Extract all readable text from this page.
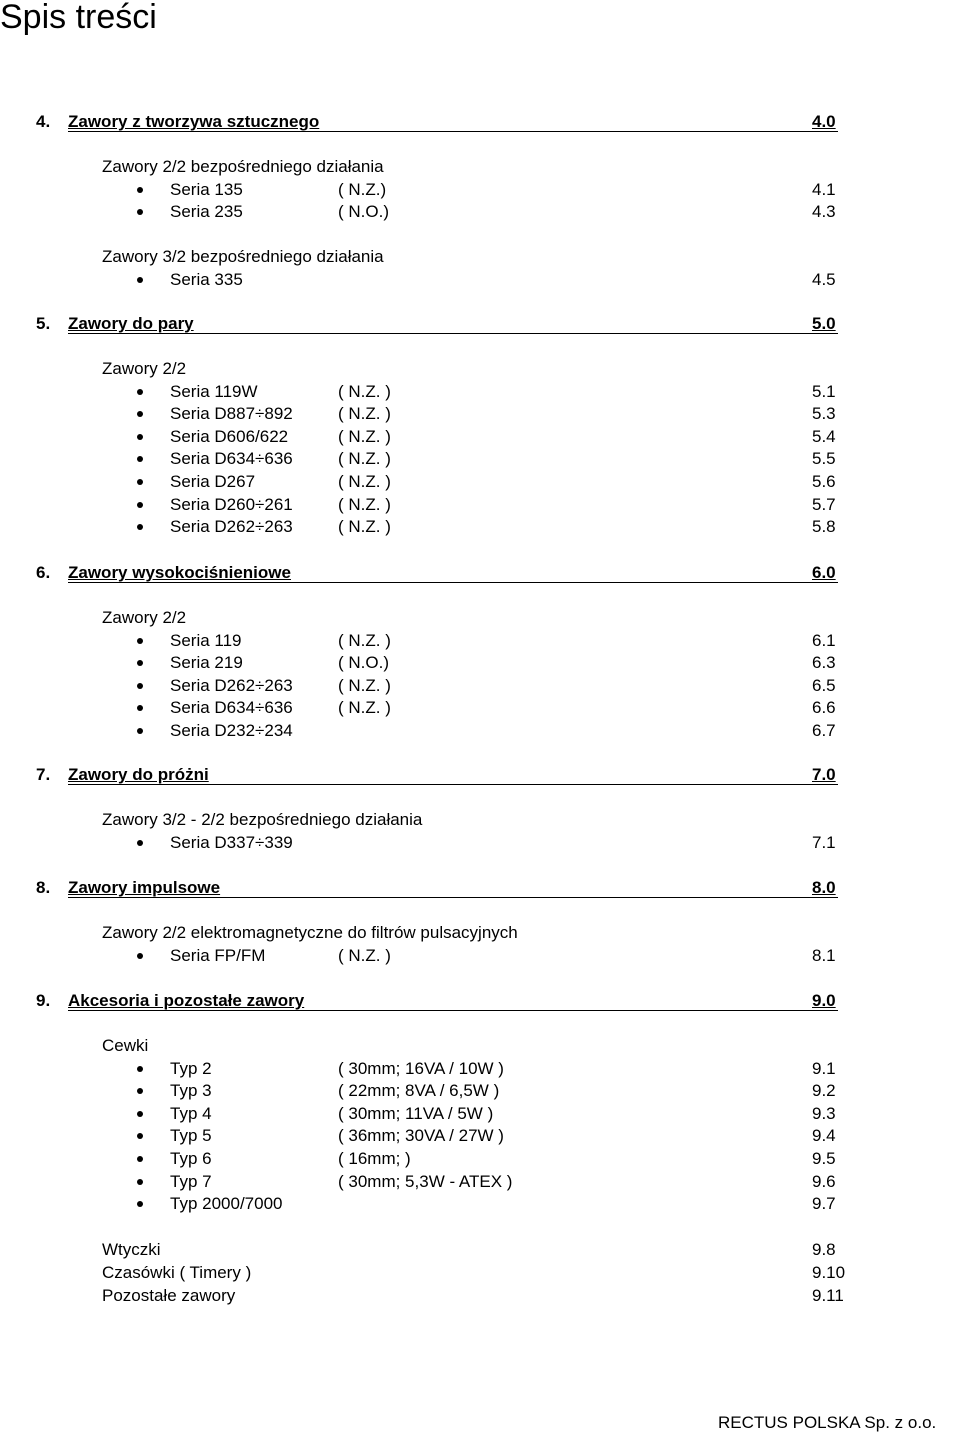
Spis treści
4. Zawory z tworzywa sztucznego	4.0
Zawory 2/2 bezpośredniego działania
Seria 135	( N.Z.)	4.1
Seria 235	( N.O.)	4.3
Zawory 3/2 bezpośredniego działania
Seria 335	4.5
5. Zawory do pary	5.0
Zawory 2/2
Seria 119W	( N.Z. )	5.1
Seria D887÷892	( N.Z. )	5.3
Seria D606/622	( N.Z. )	5.4
Seria D634÷636	( N.Z. )	5.5
Seria D267	( N.Z. )	5.6
Seria D260÷261	( N.Z. )	5.7
Seria D262÷263	( N.Z. )	5.8
6. Zawory wysokociśnieniowe	6.0
Zawory 2/2
Seria 119	( N.Z. )	6.1
Seria 219	( N.O.)	6.3
Seria D262÷263	( N.Z. )	6.5
Seria D634÷636	( N.Z. )	6.6
Seria D232÷234	6.7
7. Zawory do próżni	7.0
Zawory 3/2 - 2/2 bezpośredniego działania
Seria D337÷339	7.1
8. Zawory impulsowe	8.0
Zawory 2/2 elektromagnetyczne do filtrów pulsacyjnych
Seria FP/FM	( N.Z. )	8.1
9. Akcesoria i pozostałe zawory	9.0
Cewki
Typ 2	( 30mm; 16VA / 10W )	9.1
Typ 3	( 22mm; 8VA / 6,5W )	9.2
Typ 4	( 30mm; 11VA / 5W )	9.3
Typ 5	( 36mm; 30VA / 27W )	9.4
Typ 6	( 16mm; )	9.5
Typ 7	( 30mm; 5,3W - ATEX )	9.6
Typ 2000/7000	9.7
Wtyczki	9.8
Czasówki ( Timery )	9.10
Pozostałe zawory	9.11
RECTUS POLSKA Sp. z o.o.
